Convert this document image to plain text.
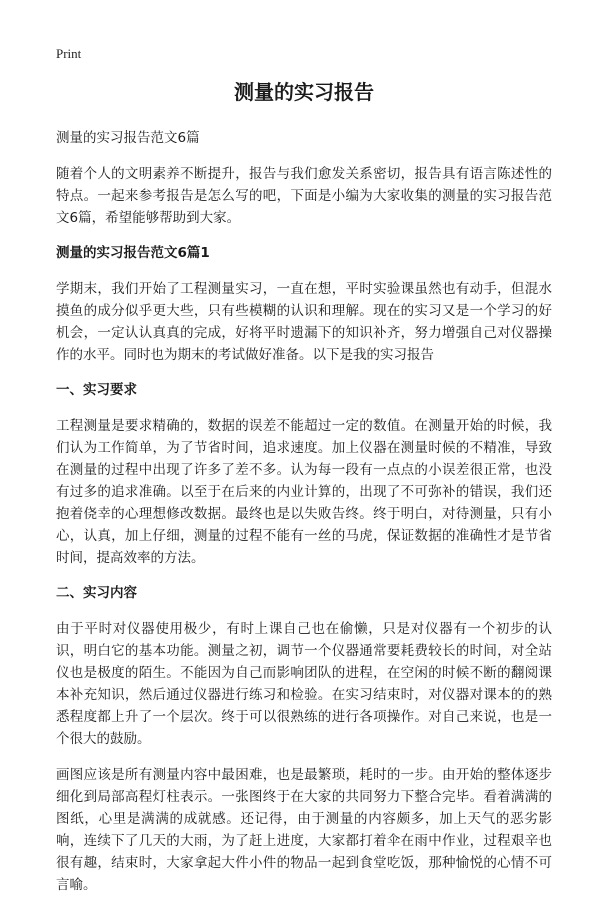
Print
测量的实习报告
测量的实习报告范文6篇

随着个人的文明素养不断提升，报告与我们愈发关系密切，报告具有语言陈述性的特点。一起来参考报告是怎么写的吧，下面是小编为大家收集的测量的实习报告范文6篇，希望能够帮助到大家。

测量的实习报告范文6篇1

学期末，我们开始了工程测量实习，一直在想，平时实验课虽然也有动手，但混水摸鱼的成分似乎更大些，只有些模糊的认识和理解。现在的实习又是一个学习的好机会，一定认认真真的完成，好将平时遗漏下的知识补齐，努力增强自己对仪器操作的水平。同时也为期末的考试做好准备。以下是我的实习报告

一、实习要求

工程测量是要求精确的，数据的误差不能超过一定的数值。在测量开始的时候，我们认为工作简单，为了节省时间，追求速度。加上仪器在测量时候的不精准，导致在测量的过程中出现了许多了差不多。认为每一段有一点点的小误差很正常，也没有过多的追求准确。以至于在后来的内业计算的，出现了不可弥补的错误，我们还抱着侥幸的心理想修改数据。最终也是以失败告终。终于明白，对待测量，只有小心，认真，加上仔细，测量的过程不能有一丝的马虎，保证数据的准确性才是节省时间，提高效率的方法。

二、实习内容

由于平时对仪器使用极少，有时上课自己也在偷懒，只是对仪器有一个初步的认识，明白它的基本功能。测量之初，调节一个仪器通常要耗费较长的时间，对全站仪也是极度的陌生。不能因为自己而影响团队的进程，在空闲的时候不断的翻阅课本补充知识，然后通过仪器进行练习和检验。在实习结束时，对仪器对课本的的熟悉程度都上升了一个层次。终于可以很熟练的进行各项操作。对自己来说，也是一个很大的鼓励。

画图应该是所有测量内容中最困难，也是最繁琐，耗时的一步。由开始的整体逐步细化到局部高程灯柱表示。一张图终于在大家的共同努力下整合完毕。看着满满的图纸，心里是满满的成就感。还记得，由于测量的内容颇多，加上天气的恶劣影响，连续下了几天的大雨，为了赶上进度，大家都打着伞在雨中作业，过程艰辛也很有趣，结束时，大家拿起大件小件的物品一起到食堂吃饭，那种愉悦的心情不可言喻。
